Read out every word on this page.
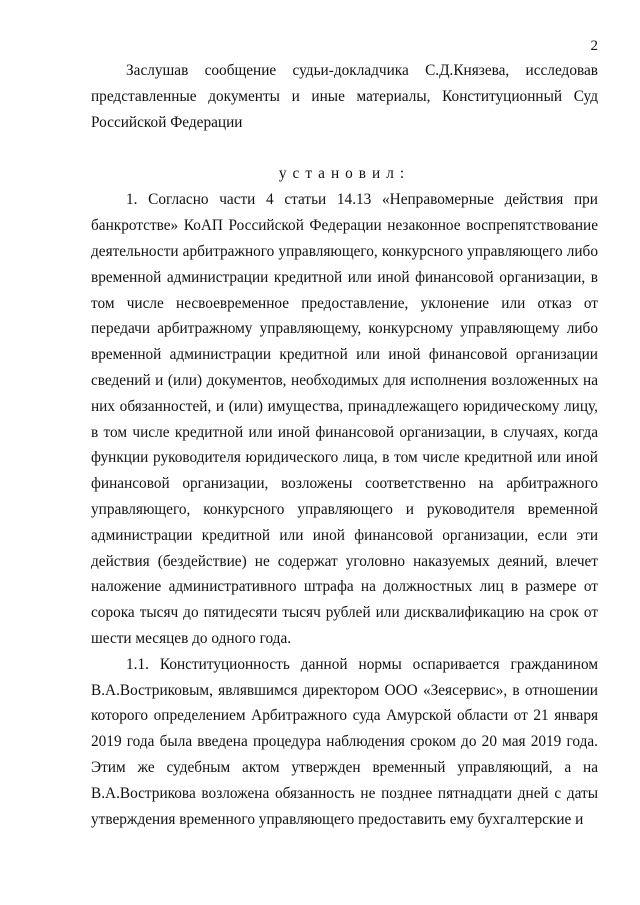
2

Заслушав сообщение судьи-докладчика С.Д.Князева, исследовав представленные документы и иные материалы, Конституционный Суд Российской Федерации

установил:

1. Согласно части 4 статьи 14.13 «Неправомерные действия при банкротстве» КоАП Российской Федерации незаконное воспрепятствование деятельности арбитражного управляющего, конкурсного управляющего либо временной администрации кредитной или иной финансовой организации, в том числе несвоевременное предоставление, уклонение или отказ от передачи арбитражному управляющему, конкурсному управляющему либо временной администрации кредитной или иной финансовой организации сведений и (или) документов, необходимых для исполнения возложенных на них обязанностей, и (или) имущества, принадлежащего юридическому лицу, в том числе кредитной или иной финансовой организации, в случаях, когда функции руководителя юридического лица, в том числе кредитной или иной финансовой организации, возложены соответственно на арбитражного управляющего, конкурсного управляющего и руководителя временной администрации кредитной или иной финансовой организации, если эти действия (бездействие) не содержат уголовно наказуемых деяний, влечет наложение административного штрафа на должностных лиц в размере от сорока тысяч до пятидесяти тысяч рублей или дисквалификацию на срок от шести месяцев до одного года.

1.1. Конституционность данной нормы оспаривается гражданином В.А.Востриковым, являвшимся директором ООО «Зеясервис», в отношении которого определением Арбитражного суда Амурской области от 21 января 2019 года была введена процедура наблюдения сроком до 20 мая 2019 года. Этим же судебным актом утвержден временный управляющий, а на В.А.Вострикова возложена обязанность не позднее пятнадцати дней с даты утверждения временного управляющего предоставить ему бухгалтерские и
